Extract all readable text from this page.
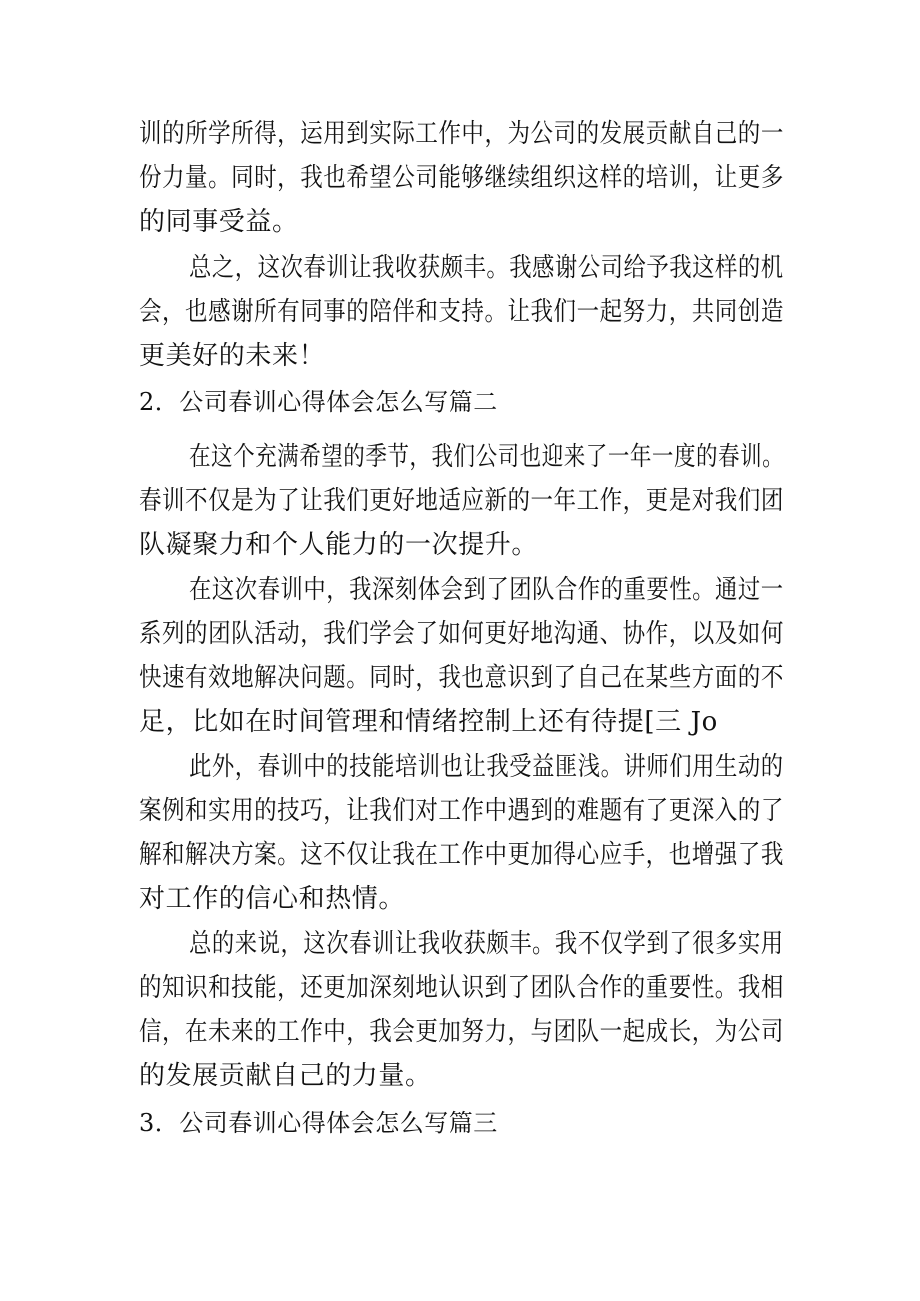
训的所学所得，运用到实际工作中，为公司的发展贡献自己的一
份力量。同时，我也希望公司能够继续组织这样的培训，让更多
的同事受益。
总之，这次春训让我收获颇丰。我感谢公司给予我这样的机
会，也感谢所有同事的陪伴和支持。让我们一起努力，共同创造
更美好的未来！
2．公司春训心得体会怎么写篇二
在这个充满希望的季节，我们公司也迎来了一年一度的春训。
春训不仅是为了让我们更好地适应新的一年工作，更是对我们团
队凝聚力和个人能力的一次提升。
在这次春训中，我深刻体会到了团队合作的重要性。通过一
系列的团队活动，我们学会了如何更好地沟通、协作，以及如何
快速有效地解决问题。同时，我也意识到了自己在某些方面的不
足，比如在时间管理和情绪控制上还有待提[三 Jo
此外，春训中的技能培训也让我受益匪浅。讲师们用生动的
案例和实用的技巧，让我们对工作中遇到的难题有了更深入的了
解和解决方案。这不仅让我在工作中更加得心应手，也增强了我
对工作的信心和热情。
总的来说，这次春训让我收获颇丰。我不仅学到了很多实用
的知识和技能，还更加深刻地认识到了团队合作的重要性。我相
信，在未来的工作中，我会更加努力，与团队一起成长，为公司
的发展贡献自己的力量。
3．公司春训心得体会怎么写篇三
